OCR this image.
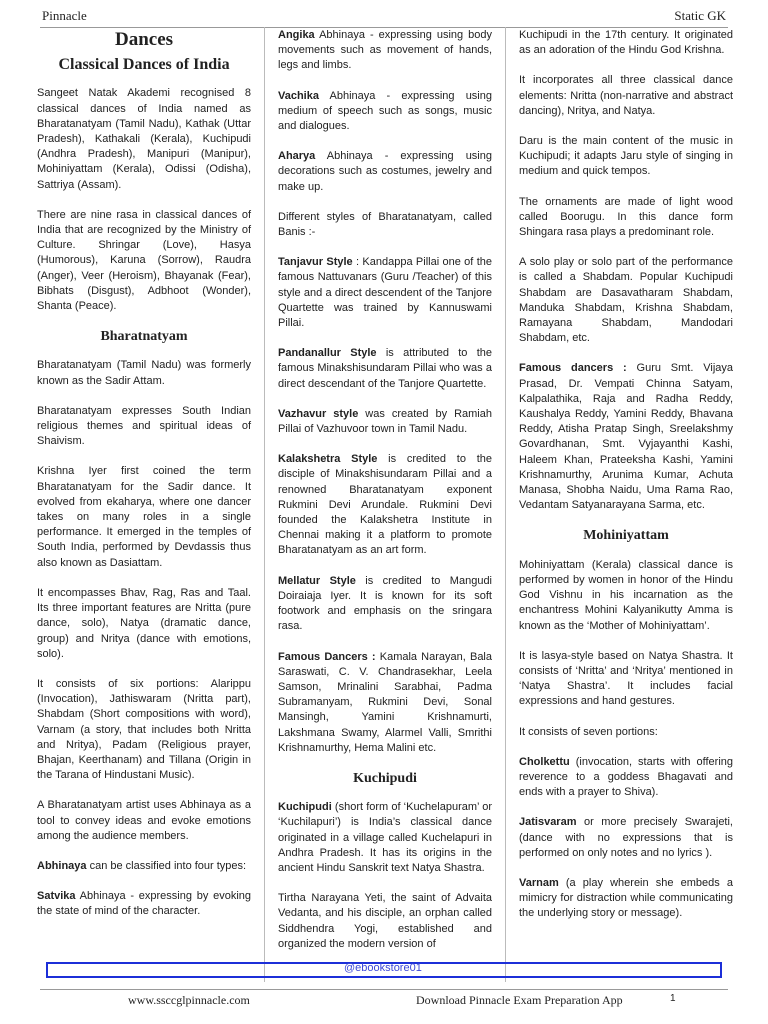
Pinnacle	Static GK
Dances
Classical Dances of India

Sangeet Natak Akademi recognised 8 classical dances of India named as Bharatanatyam (Tamil Nadu), Kathak (Uttar Pradesh), Kathakali (Kerala), Kuchipudi (Andhra Pradesh), Manipuri (Manipur), Mohiniyattam (Kerala), Odissi (Odisha), Sattriya (Assam).

There are nine rasa in classical dances of India that are recognized by the Ministry of Culture. Shringar (Love), Hasya (Humorous), Karuna (Sorrow), Raudra (Anger), Veer (Heroism), Bhayanak (Fear), Bibhats (Disgust), Adbhoot (Wonder), Shanta (Peace).

Bharatnatyam

Bharatanatyam (Tamil Nadu) was formerly known as the Sadir Attam.

Bharatanatyam expresses South Indian religious themes and spiritual ideas of Shaivism.

Krishna Iyer first coined the term Bharatanatyam for the Sadir dance. It evolved from ekaharya, where one dancer takes on many roles in a single performance. It emerged in the temples of South India, performed by Devdassis thus also known as Dasiattam.

It encompasses Bhav, Rag, Ras and Taal. Its three important features are Nritta (pure dance, solo), Natya (dramatic dance, group) and Nritya (dance with emotions, solo).

It consists of six portions: Alarippu (Invocation), Jathiswaram (Nritta part), Shabdam (Short compositions with word), Varnam (a story, that includes both Nritta and Nritya), Padam (Religious prayer, Bhajan, Keerthanam) and Tillana (Origin in the Tarana of Hindustani Music).

A Bharatanatyam artist uses Abhinaya as a tool to convey ideas and evoke emotions among the audience members.

Abhinaya can be classified into four types:

Satvika Abhinaya - expressing by evoking the state of mind of the character.

Angika Abhinaya - expressing using body movements such as movement of hands, legs and limbs.

Vachika Abhinaya - expressing using medium of speech such as songs, music and dialogues.

Aharya Abhinaya - expressing using decorations such as costumes, jewelry and make up.

Different styles of Bharatanatyam, called Banis :-

Tanjavur Style : Kandappa Pillai one of the famous Nattuvanars (Guru /Teacher) of this style and a direct descendent of the Tanjore Quartette was trained by Kannuswami Pillai.

Pandanallur Style is attributed to the famous Minakshisundaram Pillai who was a direct descendant of the Tanjore Quartette.

Vazhavur style was created by Ramiah Pillai of Vazhuvoor town in Tamil Nadu.

Kalakshetra Style is credited to the disciple of Minakshisundaram Pillai and a renowned Bharatanatyam exponent Rukmini Devi Arundale. Rukmini Devi founded the Kalakshetra Institute in Chennai making it a platform to promote Bharatanatyam as an art form.

Mellatur Style is credited to Mangudi Doiraiaja Iyer. It is known for its soft footwork and emphasis on the sringara rasa.

Famous Dancers : Kamala Narayan, Bala Saraswati, C. V. Chandrasekhar, Leela Samson, Mrinalini Sarabhai, Padma Subramanyam, Rukmini Devi, Sonal Mansingh, Yamini Krishnamurti, Lakshmana Swamy, Alarmel Valli, Smrithi Krishnamurthy, Hema Malini etc.

Kuchipudi

Kuchipudi (short form of ‘Kuchelapuram’ or ‘Kuchilapuri’) is India’s classical dance originated in a village called Kuchelapuri in Andhra Pradesh. It has its origins in the ancient Hindu Sanskrit text Natya Shastra.

Tirtha Narayana Yeti, the saint of Advaita Vedanta, and his disciple, an orphan called Siddhendra Yogi, established and organized the modern version of

Kuchipudi in the 17th century. It originated as an adoration of the Hindu God Krishna.

It incorporates all three classical dance elements: Nritta (non-narrative and abstract dancing), Nritya, and Natya.

Daru is the main content of the music in Kuchipudi; it adapts Jaru style of singing in medium and quick tempos.

The ornaments are made of light wood called Boorugu. In this dance form Shingara rasa plays a predominant role.

A solo play or solo part of the performance is called a Shabdam. Popular Kuchipudi Shabdam are Dasavatharam Shabdam, Manduka Shabdam, Krishna Shabdam, Ramayana Shabdam, Mandodari Shabdam, etc.

Famous dancers : Guru Smt. Vijaya Prasad, Dr. Vempati Chinna Satyam, Kalpalathika, Raja and Radha Reddy, Kaushalya Reddy, Yamini Reddy, Bhavana Reddy, Atisha Pratap Singh, Sreelakshmy Govardhanan, Smt. Vyjayanthi Kashi, Haleem Khan, Prateeksha Kashi, Yamini Krishnamurthy, Arunima Kumar, Achuta Manasa, Shobha Naidu, Uma Rama Rao, Vedantam Satyanarayana Sarma, etc.

Mohiniyattam

Mohiniyattam (Kerala) classical dance is performed by women in honor of the Hindu God Vishnu in his incarnation as the enchantress Mohini Kalyanikutty Amma is known as the ‘Mother of Mohiniyattam’.

It is lasya-style based on Natya Shastra. It consists of ‘Nritta’ and ‘Nritya’ mentioned in ‘Natya Shastra’. It includes facial expressions and hand gestures.

It consists of seven portions:

Cholkettu (invocation, starts with offering reverence to a goddess Bhagavati and ends with a prayer to Shiva).

Jatisvaram or more precisely Swarajeti, (dance with no expressions that is performed on only notes and no lyrics ).

Varnam (a play wherein she embeds a mimicry for distraction while communicating the underlying story or message).

@ebookstore01
www.ssccglpinnacle.com	Download Pinnacle Exam Preparation App	1
